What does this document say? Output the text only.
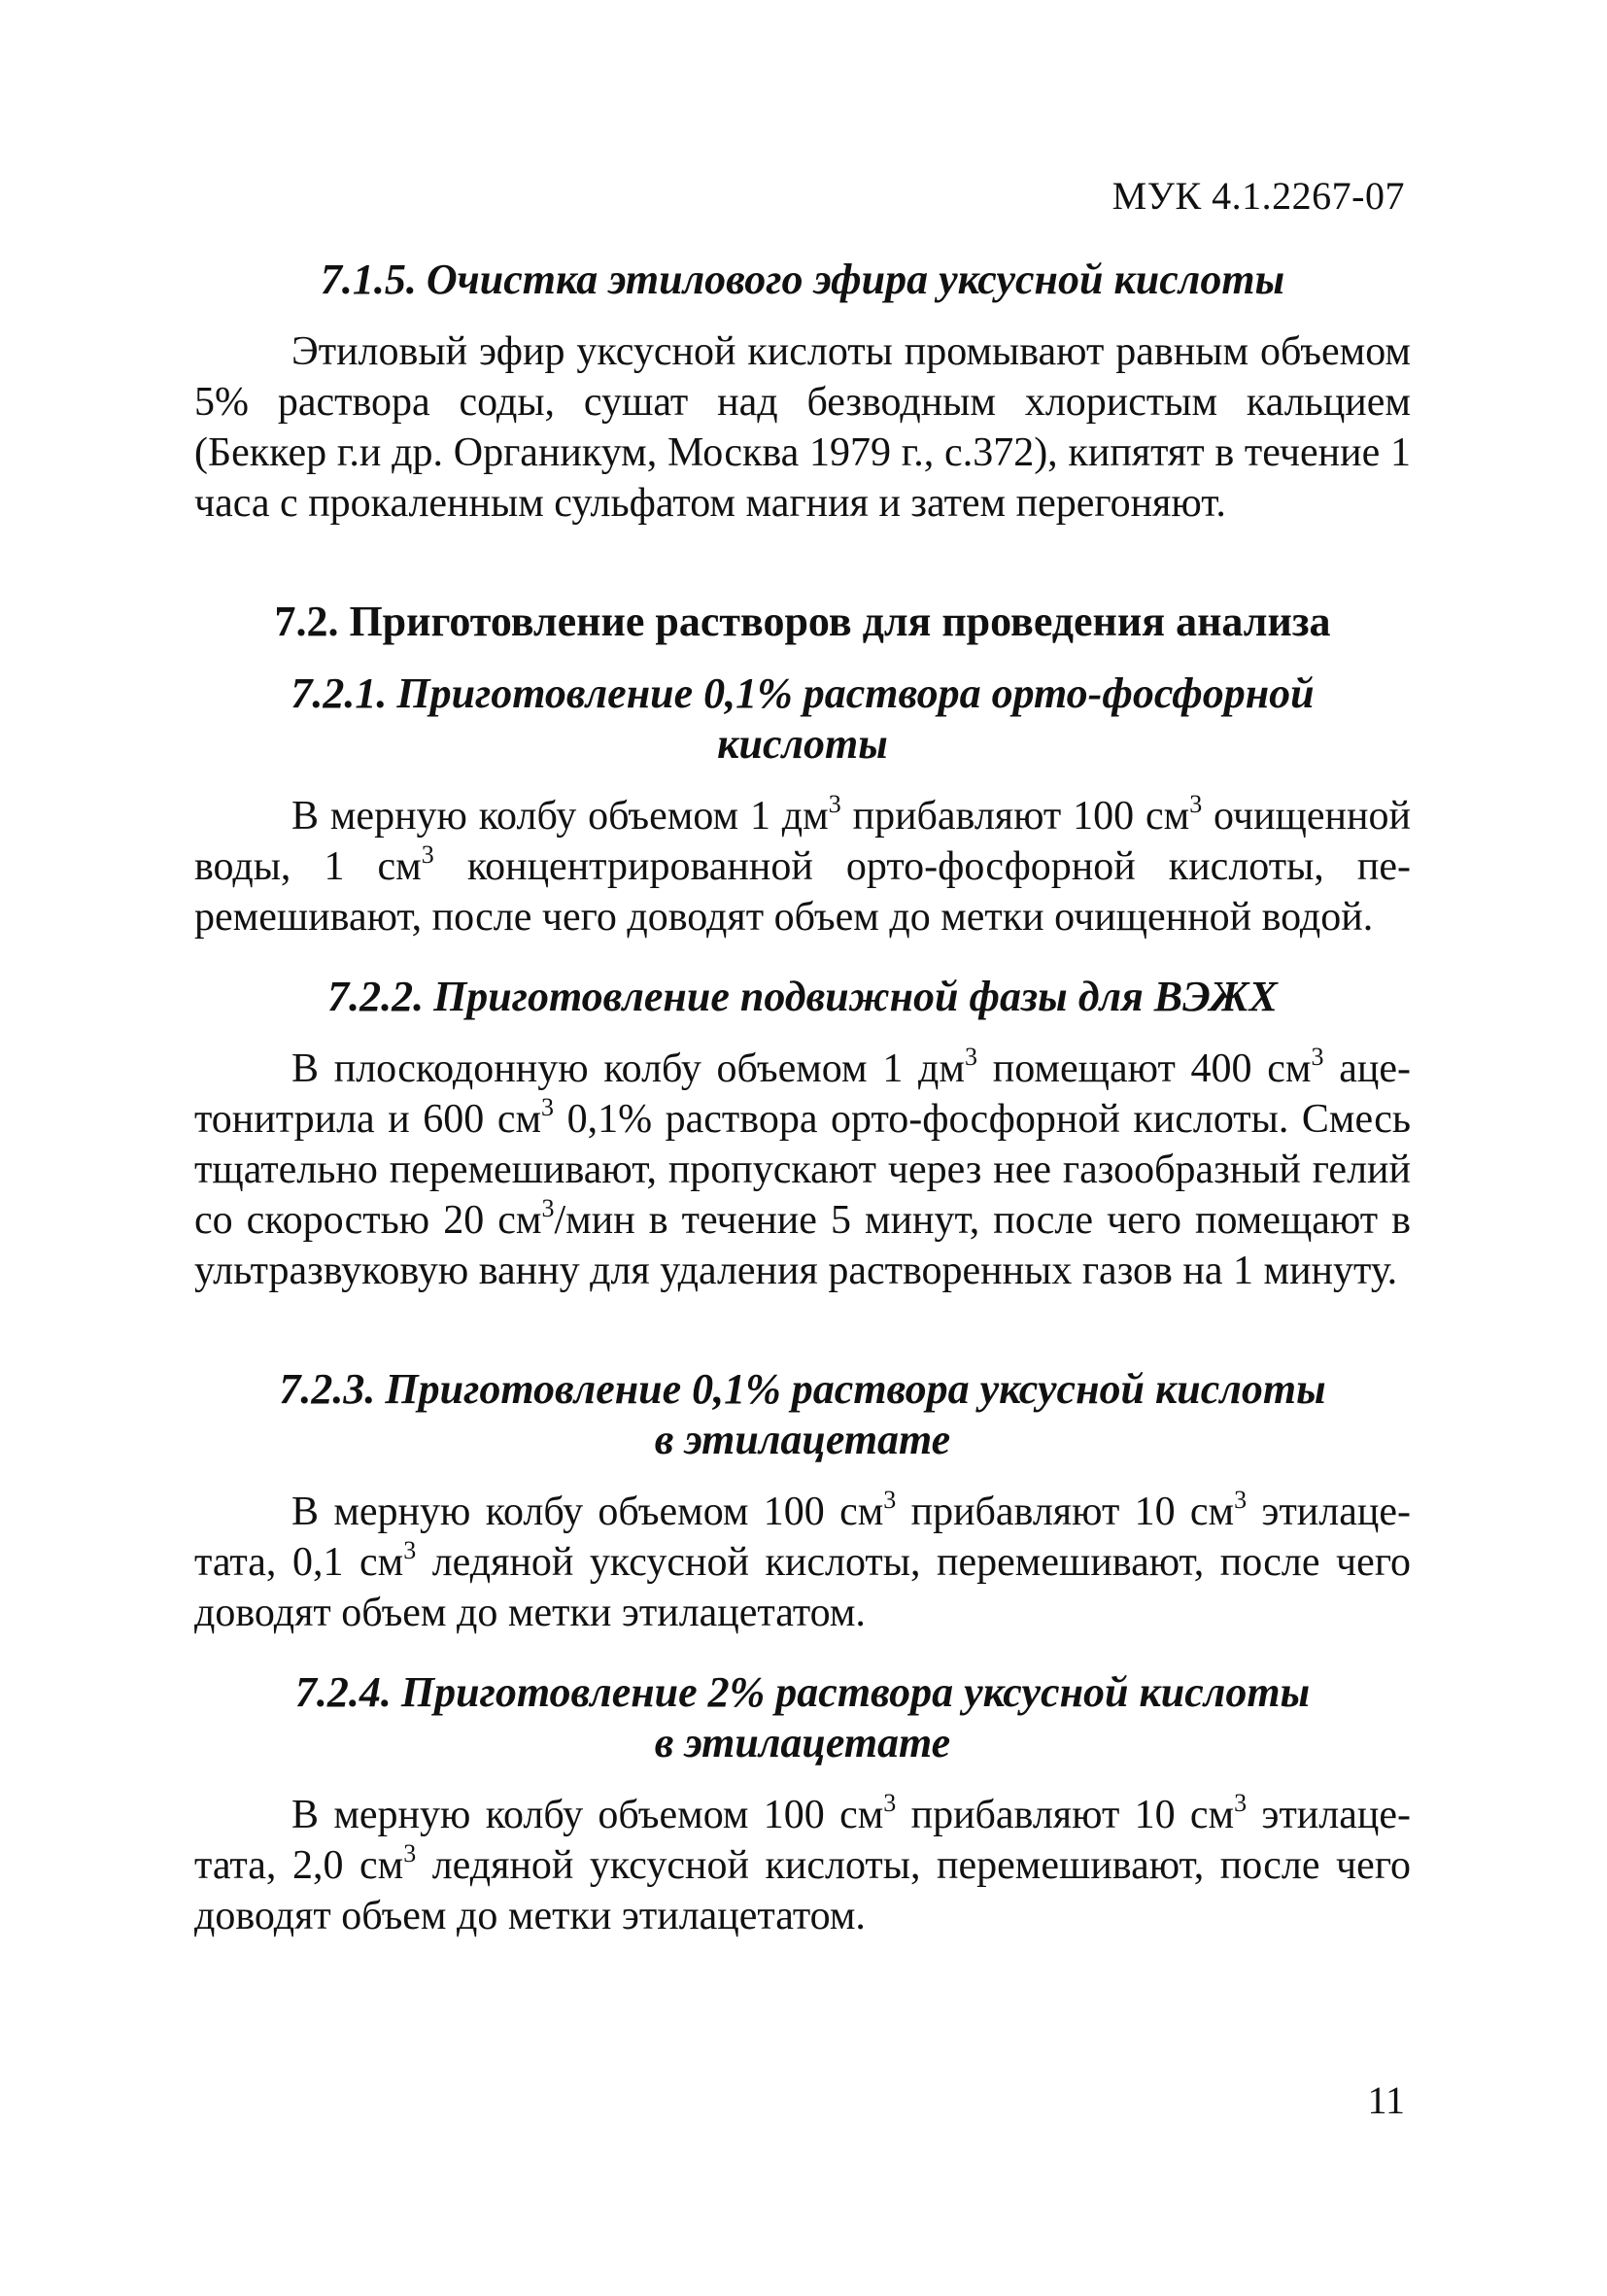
МУК 4.1.2267-07
7.1.5. Очистка этилового эфира уксусной кислоты

Этиловый эфир уксусной кислоты промывают равным объемом 5% раствора соды, сушат над безводным хлористым кальцием (Беккер г.и др. Органикум, Москва 1979 г., с.372), кипятят в течение 1 часа с прокаленным сульфатом магния и затем перегоняют.

7.2. Приготовление растворов для проведения анализа
7.2.1. Приготовление 0,1% раствора орто-фосфорной
кислоты

В мерную колбу объемом 1 $дм^3$ прибавляют 100 $см^3$ очищенной воды, 1 $см^3$ концентрированной орто-фосфорной кислоты, перемешивают, после чего доводят объем до метки очищенной водой.

7.2.2. Приготовление подвижной фазы для ВЭЖХ

В плоскодонную колбу объемом 1 $дм^3$ помещают 400 $см^3$ ацетонитрила и 600 $см^3$ 0,1% раствора орто-фосфорной кислоты. Смесь тщательно перемешивают, пропускают через нее газообразный гелий со скоростью 20 $см^3$/мин в течение 5 минут, после чего помещают в ультразвуковую ванну для удаления растворенных газов на 1 минуту.

7.2.3. Приготовление 0,1% раствора уксусной кислоты
в этилацетате

В мерную колбу объемом 100 $см^3$ прибавляют 10 $см^3$ этилацетата, 0,1 $см^3$ ледяной уксусной кислоты, перемешивают, после чего доводят объем до метки этилацетатом.

7.2.4. Приготовление 2% раствора уксусной кислоты
в этилацетате

В мерную колбу объемом 100 $см^3$ прибавляют 10 $см^3$ этилацетата, 2,0 $см^3$ ледяной уксусной кислоты, перемешивают, после чего доводят объем до метки этилацетатом.

11
